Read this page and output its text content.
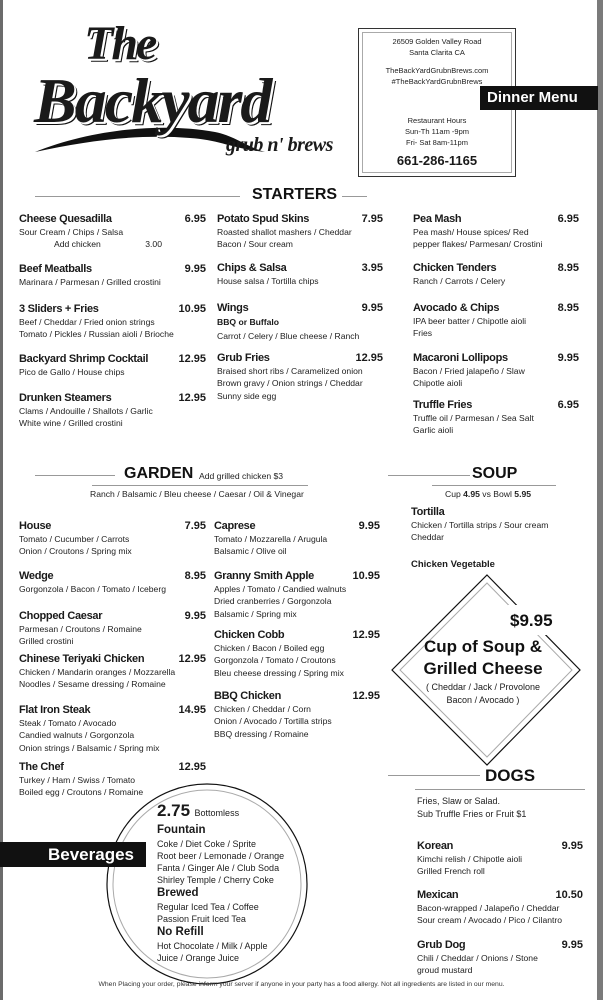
The
Backyard
grub n' brews
26509 Golden Valley Road
Santa Clarita CA
TheBackYardGrubnBrews.com
#TheBackYardGrubnBrews
Restaurant Hours
Sun-Th 11am -9pm
Fri- Sat 8am-11pm
661-286-1165
Dinner Menu
STARTERS
Cheese Quesadilla	6.95
Sour Cream / Chips / Salsa
Add chicken	3.00
Beef Meatballs	9.95
Marinara / Parmesan / Grilled crostini
3 Sliders + Fries	10.95
Beef / Cheddar / Fried onion strings
Tomato / Pickles / Russian aioli / Brioche
Backyard Shrimp Cocktail	12.95
Pico de Gallo / House chips
Drunken Steamers	12.95
Clams / Andouille / Shallots / Garlic
White wine / Grilled crostini
Potato Spud Skins	7.95
Roasted shallot mashers / Cheddar
Bacon / Sour cream
Chips & Salsa	3.95
House salsa / Tortilla chips
Wings	9.95
BBQ or Buffalo
Carrot / Celery / Blue cheese / Ranch
Grub Fries	12.95
Braised short ribs / Caramelized onion
Brown gravy / Onion strings / Cheddar
Sunny side egg
Pea Mash	6.95
Pea mash/ House spices/ Red
pepper flakes/ Parmesan/ Crostini
Chicken Tenders	8.95
Ranch / Carrots / Celery
Avocado & Chips	8.95
IPA beer batter / Chipotle aioli
Fries
Macaroni Lollipops	9.95
Bacon / Fried jalapeño / Slaw
Chipotle aioli
Truffle Fries	6.95
Truffle oil / Parmesan / Sea Salt
Garlic aioli
GARDEN Add grilled chicken $3
Ranch / Balsamic / Bleu cheese / Caesar / Oil & Vinegar
House	7.95
Tomato / Cucumber / Carrots
Onion / Croutons / Spring mix
Wedge	8.95
Gorgonzola / Bacon / Tomato / Iceberg
Chopped Caesar	9.95
Parmesan / Croutons / Romaine
Grilled crostini
Chinese Teriyaki Chicken	12.95
Chicken / Mandarin oranges / Mozzarella
Noodles / Sesame dressing / Romaine
Flat Iron Steak	14.95
Steak / Tomato / Avocado
Candied walnuts / Gorgonzola
Onion strings / Balsamic / Spring mix
The Chef	12.95
Turkey / Ham / Swiss / Tomato
Boiled egg / Croutons / Romaine
Caprese	9.95
Tomato / Mozzarella / Arugula
Balsamic / Olive oil
Granny Smith Apple	10.95
Apples / Tomato / Candied walnuts
Dried cranberries / Gorgonzola
Balsamic / Spring mix
Chicken Cobb	12.95
Chicken / Bacon / Boiled egg
Gorgonzola / Tomato / Croutons
Bleu cheese dressing / Spring mix
BBQ Chicken	12.95
Chicken / Cheddar / Corn
Onion / Avocado / Tortilla strips
BBQ dressing / Romaine
SOUP
Cup 4.95 vs Bowl 5.95
Tortilla
Chicken / Tortilla strips / Sour cream
Cheddar
Chicken Vegetable
$9.95
Cup of Soup &
Grilled Cheese
( Cheddar / Jack / Provolone
Bacon / Avocado )
DOGS
Fries, Slaw or Salad.
Sub Truffle Fries or Fruit $1
Korean	9.95
Kimchi relish / Chipotle aioli
Grilled French roll
Mexican	10.50
Bacon-wrapped / Jalapeño / Cheddar
Sour cream / Avocado / Pico / Cilantro
Grub Dog	9.95
Chili / Cheddar / Onions / Stone
groud mustard
Beverages
2.75 Bottomless
Fountain
Coke / Diet Coke / Sprite
Root beer / Lemonade / Orange
Fanta / Ginger Ale / Club Soda
Shirley Temple / Cherry Coke
Brewed
Regular Iced Tea / Coffee
Passion Fruit Iced Tea
No Refill
Hot Chocolate / Milk / Apple
Juice / Orange Juice
When Placing your order, please inform your server if anyone in your party has a food allergy. Not all ingredients are listed in our menu.
